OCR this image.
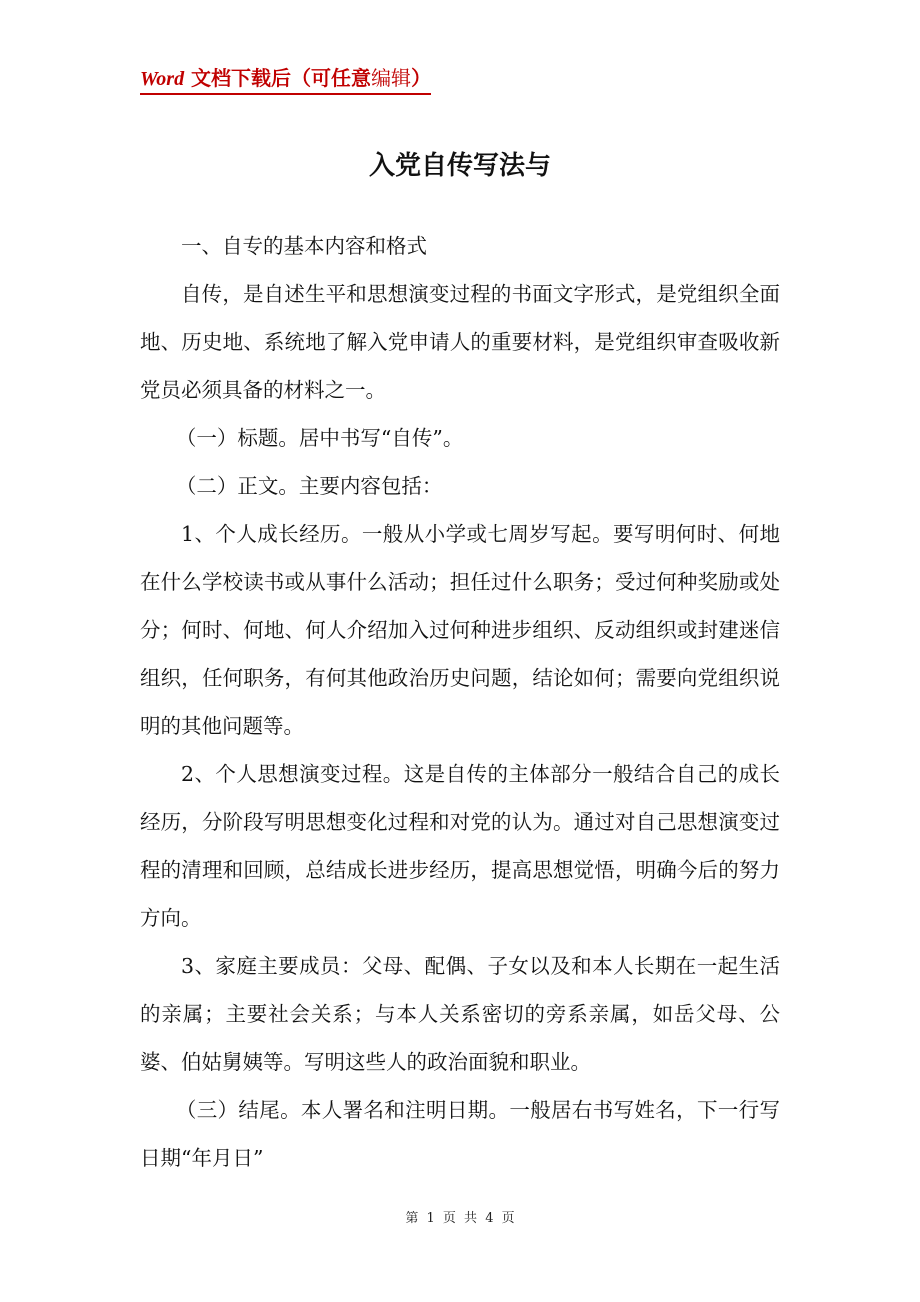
Word 文档下载后（可任意编辑）
入党自传写法与

一、自专的基本内容和格式

自传，是自述生平和思想演变过程的书面文字形式，是党组织全面地、历史地、系统地了解入党申请人的重要材料，是党组织审查吸收新党员必须具备的材料之一。

（一）标题。居中书写“自传”。

（二）正文。主要内容包括：

1、个人成长经历。一般从小学或七周岁写起。要写明何时、何地在什么学校读书或从事什么活动；担任过什么职务；受过何种奖励或处分；何时、何地、何人介绍加入过何种进步组织、反动组织或封建迷信组织，任何职务，有何其他政治历史问题，结论如何；需要向党组织说明的其他问题等。

2、个人思想演变过程。这是自传的主体部分一般结合自己的成长经历，分阶段写明思想变化过程和对党的认为。通过对自己思想演变过程的清理和回顾，总结成长进步经历，提高思想觉悟，明确今后的努力方向。

3、家庭主要成员：父母、配偶、子女以及和本人长期在一起生活的亲属；主要社会关系；与本人关系密切的旁系亲属，如岳父母、公婆、伯姑舅姨等。写明这些人的政治面貌和职业。

（三）结尾。本人署名和注明日期。一般居右书写姓名，下一行写日期“年月日”

第 1 页 共 4 页
